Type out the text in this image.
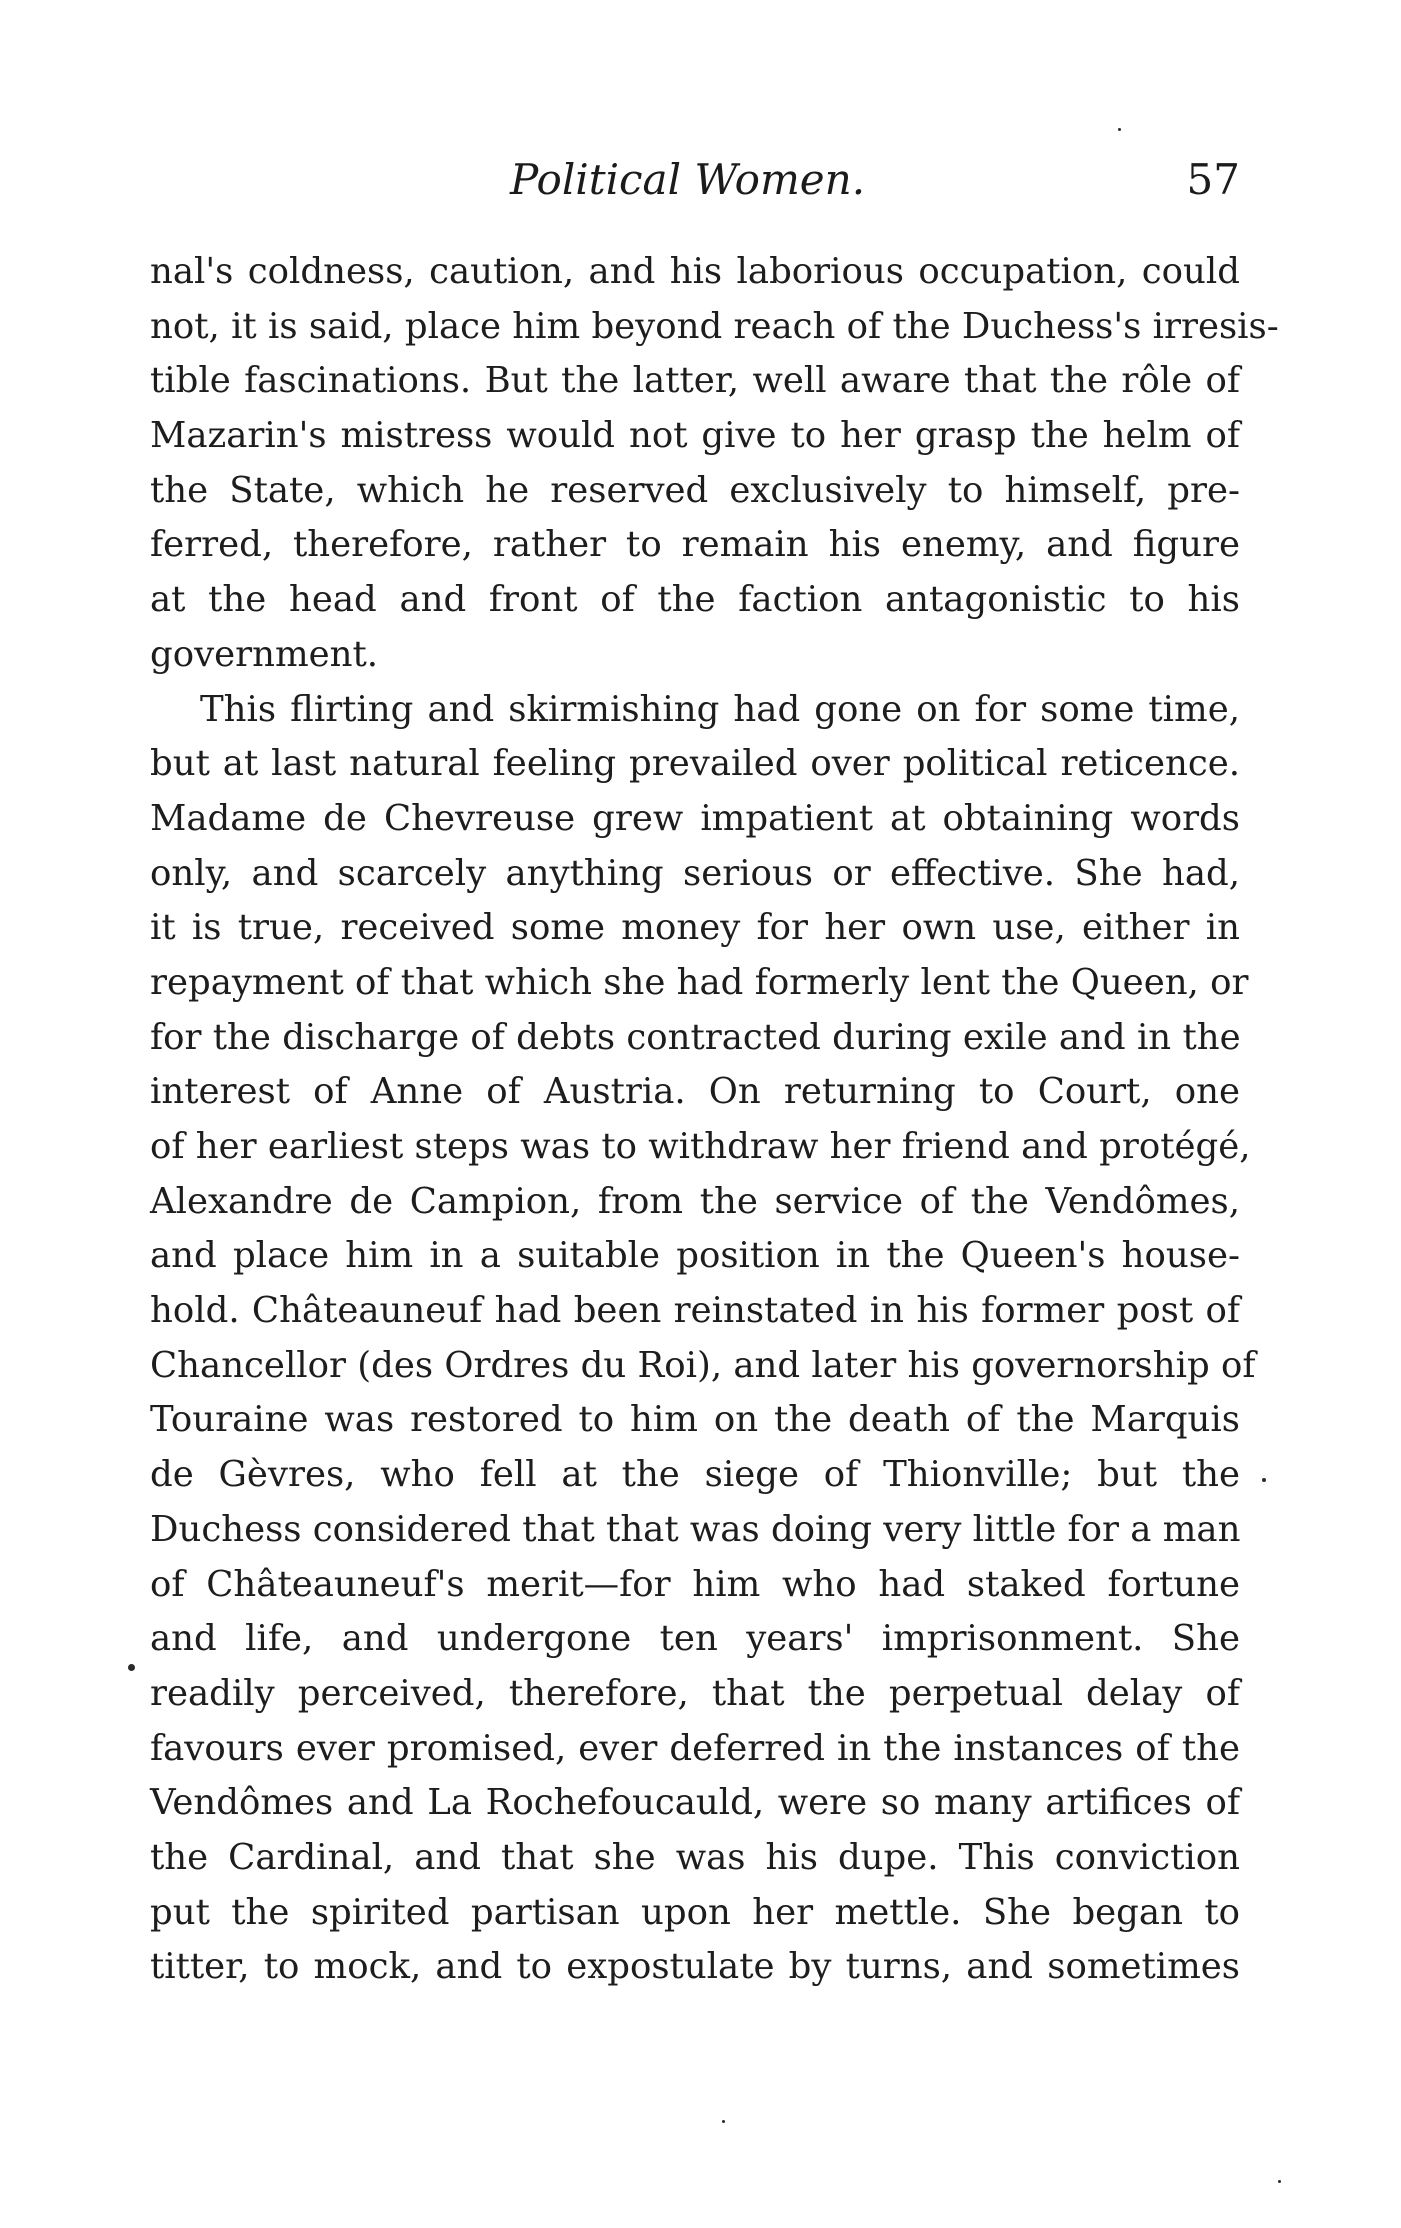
Political Women.	57
nal's coldness, caution, and his laborious occupation, could
not, it is said, place him beyond reach of the Duchess's irresis-
tible fascinations. But the latter, well aware that the rôle of
Mazarin's mistress would not give to her grasp the helm of
the State, which he reserved exclusively to himself, pre-
ferred, therefore, rather to remain his enemy, and figure
at the head and front of the faction antagonistic to his
government.
This flirting and skirmishing had gone on for some time,
but at last natural feeling prevailed over political reticence.
Madame de Chevreuse grew impatient at obtaining words
only, and scarcely anything serious or effective. She had,
it is true, received some money for her own use, either in
repayment of that which she had formerly lent the Queen, or
for the discharge of debts contracted during exile and in the
interest of Anne of Austria. On returning to Court, one
of her earliest steps was to withdraw her friend and protégé,
Alexandre de Campion, from the service of the Vendômes,
and place him in a suitable position in the Queen's house-
hold. Châteauneuf had been reinstated in his former post of
Chancellor (des Ordres du Roi), and later his governorship of
Touraine was restored to him on the death of the Marquis
de Gèvres, who fell at the siege of Thionville; but the
Duchess considered that that was doing very little for a man
of Châteauneuf's merit—for him who had staked fortune
and life, and undergone ten years' imprisonment. She
readily perceived, therefore, that the perpetual delay of
favours ever promised, ever deferred in the instances of the
Vendômes and La Rochefoucauld, were so many artifices of
the Cardinal, and that she was his dupe. This conviction
put the spirited partisan upon her mettle. She began to
titter, to mock, and to expostulate by turns, and sometimes
